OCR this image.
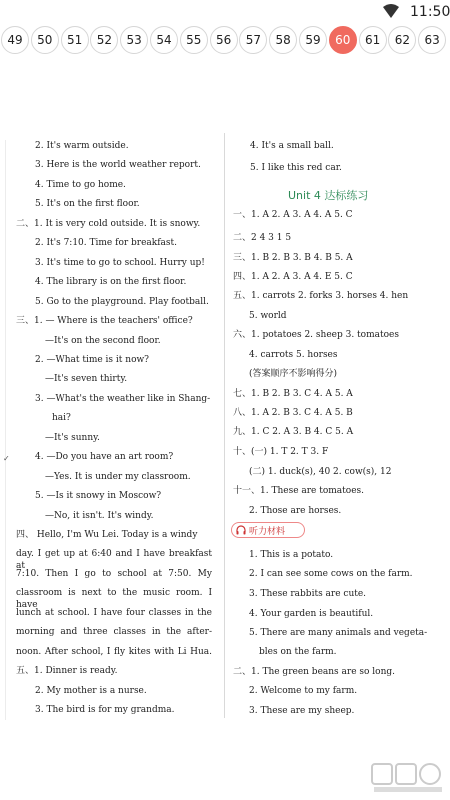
11:50
49	50	51	52	53	54	55	56	57	58	59	60	61	62	63
✓
2. It's warm outside.
3. Here is the world weather report.
4. Time to go home.
5. It's on the first floor.
二、1. It is very cold outside. It is snowy.
2. It's 7:10. Time for breakfast.
3. It's time to go to school. Hurry up!
4. The library is on the first floor.
5. Go to the playground. Play football.
三、1. — Where is the teachers' office?
—It's on the second floor.
2. —What time is it now?
—It's seven thirty.
3. —What's the weather like in Shang-
hai?
—It's sunny.
4. —Do you have an art room?
—Yes. It is under my classroom.
5. —Is it snowy in Moscow?
—No, it isn't. It's windy.
四、 Hello, I'm Wu Lei. Today is a windy
day. I get up at 6:40 and I have breakfast at
7:10. Then I go to school at 7:50. My
classroom is next to the music room. I have
lunch at school. I have four classes in the
morning and three classes in the after-
noon. After school, I fly kites with Li Hua.
五、1. Dinner is ready.
2. My mother is a nurse.
3. The bird is for my grandma.
4. It's a small ball.
5. I like this red car.
一、1. A 2. A 3. A 4. A 5. C
二、2 4 3 1 5
三、1. B 2. B 3. B 4. B 5. A
四、1. A 2. A 3. A 4. E 5. C
五、1. carrots 2. forks 3. horses 4. hen
5. world
六、1. potatoes 2. sheep 3. tomatoes
4. carrots 5. horses
(答案顺序不影响得分)
七、1. B 2. B 3. C 4. A 5. A
八、1. A 2. B 3. C 4. A 5. B
九、1. C 2. A 3. B 4. C 5. A
十、(一) 1. T 2. T 3. F
(二) 1. duck(s), 40 2. cow(s), 12
十一、1. These are tomatoes.
2. Those are horses.
1. This is a potato.
2. I can see some cows on the farm.
3. These rabbits are cute.
4. Your garden is beautiful.
5. There are many animals and vegeta-
bles on the farm.
二、1. The green beans are so long.
2. Welcome to my farm.
3. These are my sheep.
Unit 4 达标练习
听力材料
